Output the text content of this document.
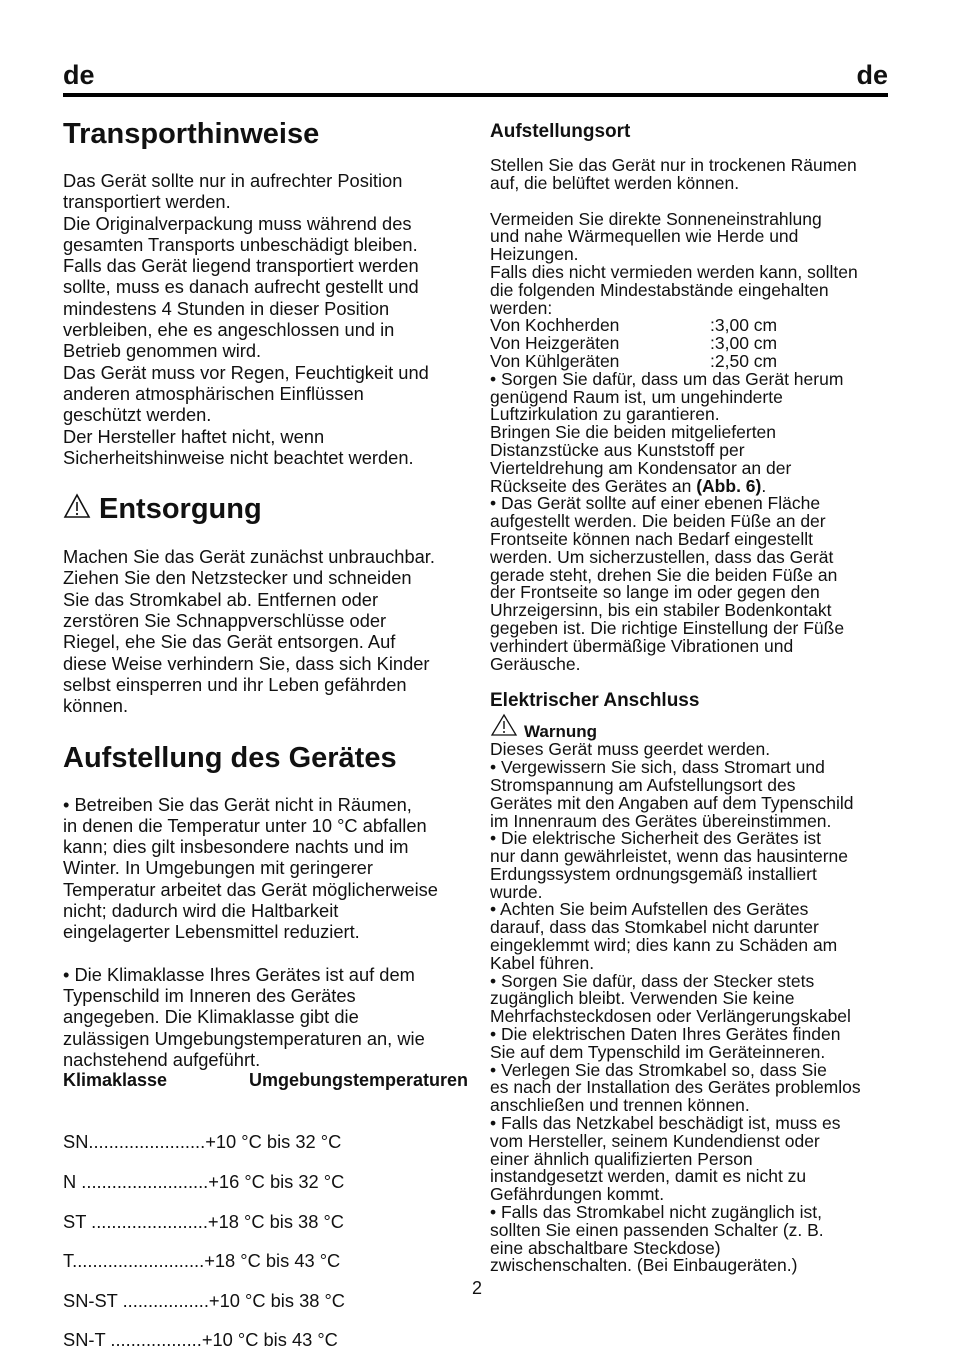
de	de
Transporthinweise

Das Gerät sollte nur in aufrechter Position

transportiert werden.

Die Originalverpackung muss während des

gesamten Transports unbeschädigt bleiben.

Falls das Gerät liegend transportiert werden

sollte, muss es danach aufrecht gestellt und

mindestens 4 Stunden in dieser Position

verbleiben, ehe es angeschlossen und in

Betrieb genommen wird.

Das Gerät muss vor Regen, Feuchtigkeit und

anderen atmosphärischen Einflüssen

geschützt werden.

Der Hersteller haftet nicht, wenn

Sicherheitshinweise nicht beachtet werden.

Entsorgung

Machen Sie das Gerät zunächst unbrauchbar.

Ziehen Sie den Netzstecker und schneiden

Sie das Stromkabel ab. Entfernen oder

zerstören Sie Schnappverschlüsse oder

Riegel, ehe Sie das Gerät entsorgen. Auf

diese Weise verhindern Sie, dass sich Kinder

selbst einsperren und ihr Leben gefährden

können.

Aufstellung des Gerätes

• Betreiben Sie das Gerät nicht in Räumen,

in denen die Temperatur unter 10 °C abfallen

kann; dies gilt insbesondere nachts und im

Winter. In Umgebungen mit geringerer

Temperatur arbeitet das Gerät möglicherweise

nicht; dadurch wird die Haltbarkeit

eingelagerter Lebensmittel reduziert.

• Die Klimaklasse Ihres Gerätes ist auf dem

Typenschild im Inneren des Gerätes

angegeben. Die Klimaklasse gibt die

zulässigen Umgebungstemperaturen an, wie

nachstehend aufgeführt.

Klimaklasse	Umgebungstemperaturen

SN.......................+10 °C bis 32 °C

N .........................+16 °C bis 32 °C

ST .......................+18 °C bis 38 °C

T..........................+18 °C bis 43 °C

SN-ST .................+10 °C bis 38 °C

SN-T ..................+10 °C bis 43 °C

Aufstellungsort

Stellen Sie das Gerät nur in trockenen Räumen

auf, die belüftet werden können.

Vermeiden Sie direkte Sonneneinstrahlung

und nahe Wärmequellen wie Herde und

Heizungen.

Falls dies nicht vermieden werden kann, sollten

die folgenden Mindestabstände eingehalten

werden:

Von Kochherden	:3,00 cm
Von Heizgeräten	:3,00 cm
Von Kühlgeräten	:2,50 cm

• Sorgen Sie dafür, dass um das Gerät herum

genügend Raum ist, um ungehinderte

Luftzirkulation zu garantieren.

Bringen Sie die beiden mitgelieferten

Distanzstücke aus Kunststoff per

Vierteldrehung am Kondensator an der

Rückseite des Gerätes an (Abb. 6).

• Das Gerät sollte auf einer ebenen Fläche

aufgestellt werden. Die beiden Füße an der

Frontseite können nach Bedarf eingestellt

werden. Um sicherzustellen, dass das Gerät

gerade steht, drehen Sie die beiden Füße an

der Frontseite so lange im oder gegen den

Uhrzeigersinn, bis ein stabiler Bodenkontakt

gegeben ist. Die richtige Einstellung der Füße

verhindert übermäßige Vibrationen und

Geräusche.

Elektrischer Anschluss
Warnung

Dieses Gerät muss geerdet werden.

• Vergewissern Sie sich, dass Stromart und

Stromspannung am Aufstellungsort des

Gerätes mit den Angaben auf dem Typenschild

im Innenraum des Gerätes übereinstimmen.

• Die elektrische Sicherheit des Gerätes ist

nur dann gewährleistet, wenn das hausinterne

Erdungssystem ordnungsgemäß installiert

wurde.

• Achten Sie beim Aufstellen des Gerätes

darauf, dass das Stomkabel nicht darunter

eingeklemmt wird; dies kann zu Schäden am

Kabel führen.

• Sorgen Sie dafür, dass der Stecker stets

zugänglich bleibt. Verwenden Sie keine

Mehrfachsteckdosen oder Verlängerungskabel

• Die elektrischen Daten Ihres Gerätes finden

Sie auf dem Typenschild im Geräteinneren.

• Verlegen Sie das Stromkabel so, dass Sie

es nach der Installation des Gerätes problemlos

anschließen und trennen können.

• Falls das Netzkabel beschädigt ist, muss es

vom Hersteller, seinem Kundendienst oder

einer ähnlich qualifizierten Person

instandgesetzt werden, damit es nicht zu

Gefährdungen kommt.

• Falls das Stromkabel nicht zugänglich ist,

sollten Sie einen passenden Schalter (z. B.

eine abschaltbare Steckdose)

zwischenschalten. (Bei Einbaugeräten.)

2
